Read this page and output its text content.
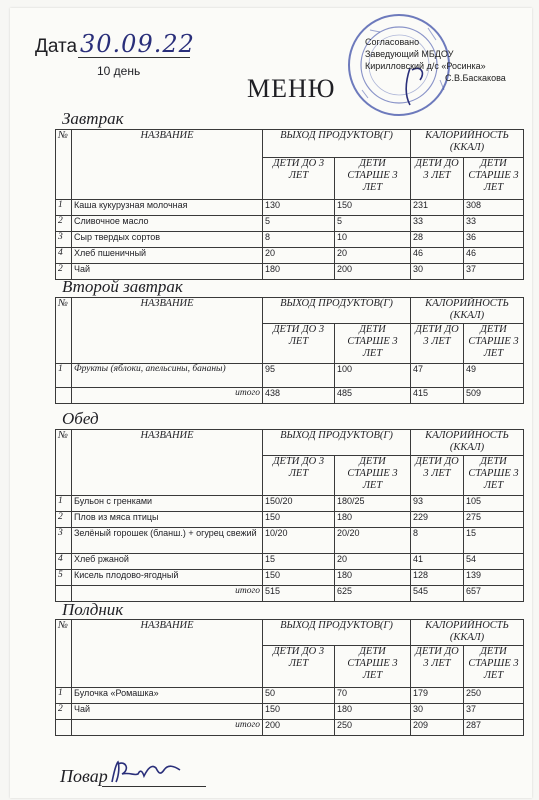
Дата 30.09.22
10 день
Согласовано
Заведующий МБДОУ
Кирилловский д/с «Росинка»
С.В.Баскакова
МЕНЮ
Завтрак
№	НАЗВАНИЕ	ВЫХОД ПРОДУКТОВ(Г)		КАЛОРИЙНОСТЬ (ККАЛ)	
		ДЕТИ ДО 3 ЛЕТ	ДЕТИ СТАРШЕ 3 ЛЕТ	ДЕТИ ДО 3 ЛЕТ	ДЕТИ СТАРШЕ 3 ЛЕТ
1	Каша кукурузная молочная	130	150	231	308
2	Сливочное масло	5	5	33	33
3	Сыр твердых сортов	8	10	28	36
4	Хлеб пшеничный	20	20	46	46
2	Чай	180	200	30	37
Второй завтрак
№	НАЗВАНИЕ	ВЫХОД ПРОДУКТОВ(Г)		КАЛОРИЙНОСТЬ (ККАЛ)	
		ДЕТИ ДО 3 ЛЕТ	ДЕТИ СТАРШЕ 3 ЛЕТ	ДЕТИ ДО 3 ЛЕТ	ДЕТИ СТАРШЕ 3 ЛЕТ
1	Фрукты (яблоки, апельсины, бананы)	95	100	47	49
	итого	438	485	415	509
Обед
№	НАЗВАНИЕ	ВЫХОД ПРОДУКТОВ(Г)		КАЛОРИЙНОСТЬ (ККАЛ)	
		ДЕТИ ДО 3 ЛЕТ	ДЕТИ СТАРШЕ 3 ЛЕТ	ДЕТИ ДО 3 ЛЕТ	ДЕТИ СТАРШЕ 3 ЛЕТ
1	Бульон с гренками	150/20	180/25	93	105
2	Плов из мяса птицы	150	180	229	275
3	Зелёный горошек (бланш.) + огурец свежий	10/20	20/20	8	15
4	Хлеб ржаной	15	20	41	54
5	Кисель плодово-ягодный	150	180	128	139
	итого	515	625	545	657
Полдник
№	НАЗВАНИЕ	ВЫХОД ПРОДУКТОВ(Г)		КАЛОРИЙНОСТЬ (ККАЛ)	
		ДЕТИ ДО 3 ЛЕТ	ДЕТИ СТАРШЕ 3 ЛЕТ	ДЕТИ ДО 3 ЛЕТ	ДЕТИ СТАРШЕ 3 ЛЕТ
1	Булочка «Ромашка»	50	70	179	250
2	Чай	150	180	30	37
	итого	200	250	209	287
Повар
